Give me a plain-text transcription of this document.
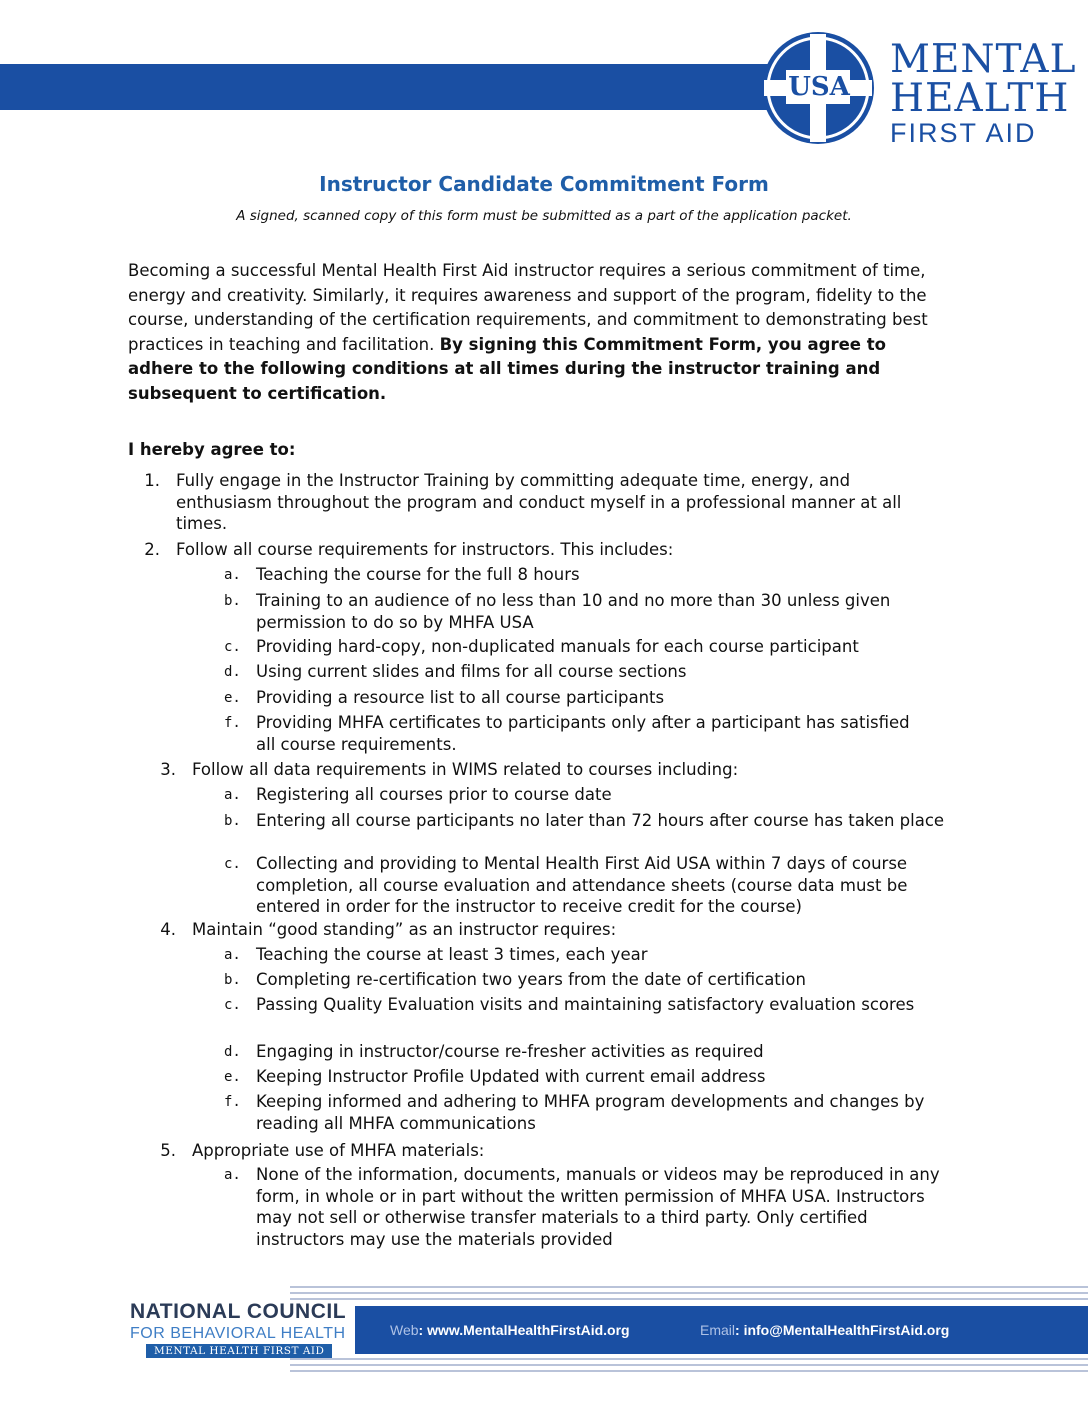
USA
MENTAL
HEALTH
FIRST AID
Instructor Candidate Commitment Form
A signed, scanned copy of this form must be submitted as a part of the application packet.
Becoming a successful Mental Health First Aid instructor requires a serious commitment of time, energy and creativity. Similarly, it requires awareness and support of the program, fidelity to the course, understanding of the certification requirements, and commitment to demonstrating best practices in teaching and facilitation. By signing this Commitment Form, you agree to adhere to the following conditions at all times during the instructor training and subsequent to certification.
I hereby agree to:
1. Fully engage in the Instructor Training by committing adequate time, energy, and enthusiasm throughout the program and conduct myself in a professional manner at all times.
2. Follow all course requirements for instructors. This includes:
a. Teaching the course for the full 8 hours
b. Training to an audience of no less than 10 and no more than 30 unless given permission to do so by MHFA USA
c. Providing hard-copy, non-duplicated manuals for each course participant
d. Using current slides and films for all course sections
e. Providing a resource list to all course participants
f. Providing MHFA certificates to participants only after a participant has satisfied all course requirements.
3. Follow all data requirements in WIMS related to courses including:
a. Registering all courses prior to course date
b. Entering all course participants no later than 72 hours after course has taken place
c. Collecting and providing to Mental Health First Aid USA within 7 days of course completion, all course evaluation and attendance sheets (course data must be entered in order for the instructor to receive credit for the course)
4. Maintain “good standing” as an instructor requires:
a. Teaching the course at least 3 times, each year
b. Completing re-certification two years from the date of certification
c. Passing Quality Evaluation visits and maintaining satisfactory evaluation scores
d. Engaging in instructor/course re-fresher activities as required
e. Keeping Instructor Profile Updated with current email address
f. Keeping informed and adhering to MHFA program developments and changes by reading all MHFA communications
5. Appropriate use of MHFA materials:
a. None of the information, documents, manuals or videos may be reproduced in any form, in whole or in part without the written permission of MHFA USA. Instructors may not sell or otherwise transfer materials to a third party. Only certified instructors may use the materials provided
NATIONAL COUNCIL
FOR BEHAVIORAL HEALTH
MENTAL HEALTH FIRST AID
Web: www.MentalHealthFirstAid.org	Email: info@MentalHealthFirstAid.org
